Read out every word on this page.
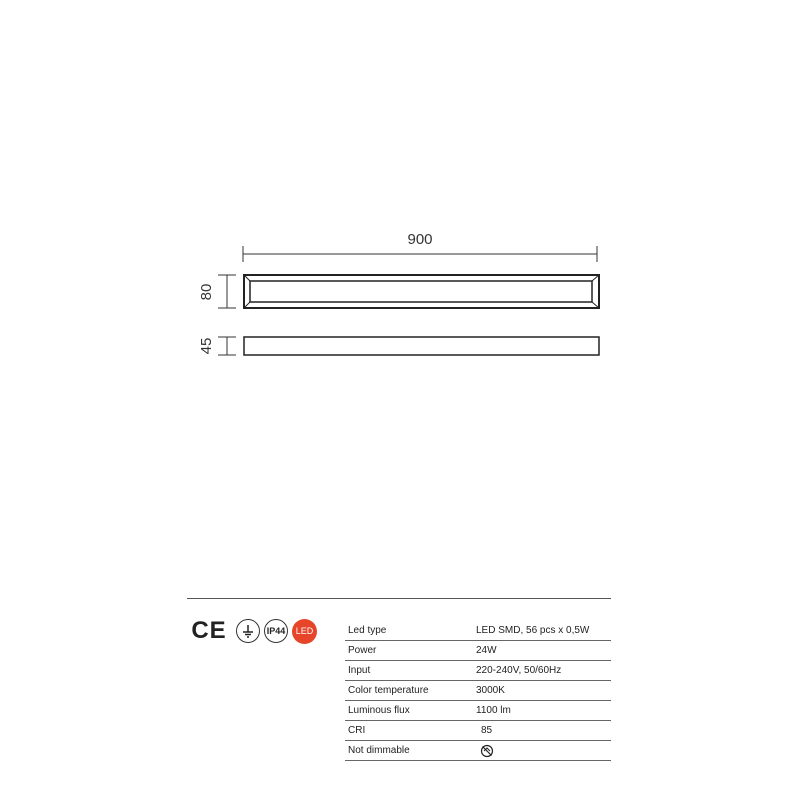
900
80
45
CE	IP44	LED	Led type	LED SMD, 56 pcs x 0,5W
Power	24W
Input	220-240V, 50/60Hz
Color temperature	3000K
Luminous flux	1100 lm
CRI	85
Not dimmable	
